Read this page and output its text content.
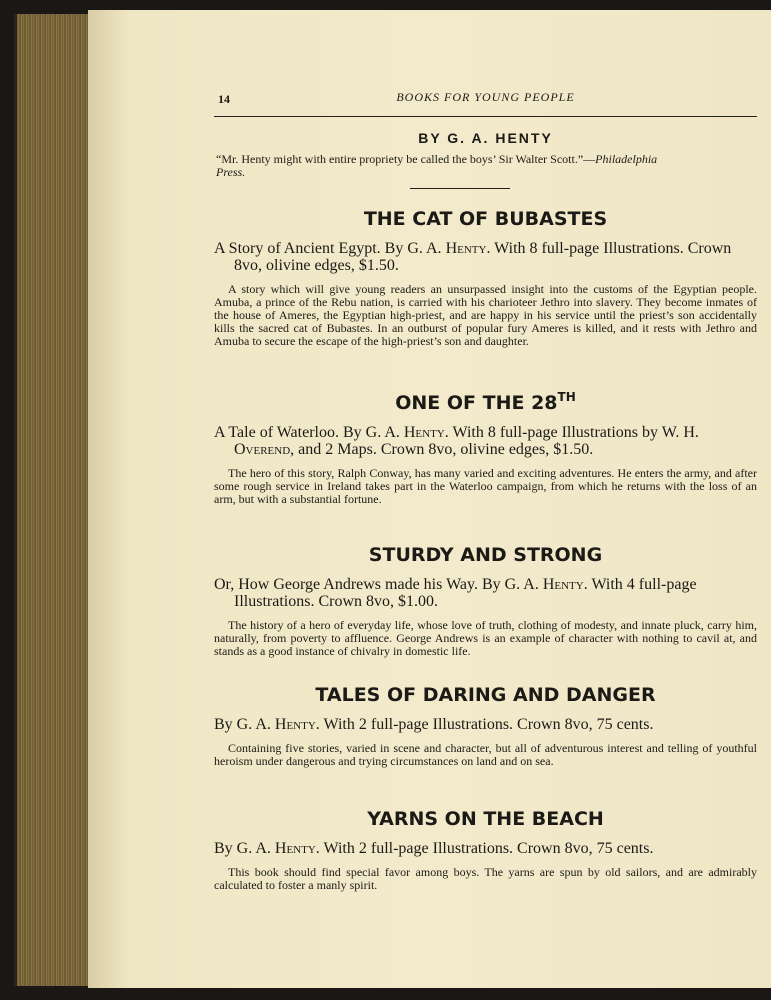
14	BOOKS FOR YOUNG PEOPLE
BY G. A. HENTY
“Mr. Henty might with entire propriety be called the boys’ Sir Walter Scott.”—Philadelphia Press.
THE CAT OF BUBASTES

A Story of Ancient Egypt. By G. A. Henty. With 8 full-page Illustrations. Crown 8vo, olivine edges, $1.50.

A story which will give young readers an unsurpassed insight into the customs of the Egyptian people. Amuba, a prince of the Rebu nation, is carried with his charioteer Jethro into slavery. They become inmates of the house of Ameres, the Egyptian high-priest, and are happy in his service until the priest’s son accidentally kills the sacred cat of Bubastes. In an outburst of popular fury Ameres is killed, and it rests with Jethro and Amuba to secure the escape of the high-priest’s son and daughter.

ONE OF THE 28TH

A Tale of Waterloo. By G. A. Henty. With 8 full-page Illustrations by W. H. Overend, and 2 Maps. Crown 8vo, olivine edges, $1.50.

The hero of this story, Ralph Conway, has many varied and exciting adventures. He enters the army, and after some rough service in Ireland takes part in the Waterloo campaign, from which he returns with the loss of an arm, but with a substantial fortune.

STURDY AND STRONG

Or, How George Andrews made his Way. By G. A. Henty. With 4 full-page Illustrations. Crown 8vo, $1.00.

The history of a hero of everyday life, whose love of truth, clothing of modesty, and innate pluck, carry him, naturally, from poverty to affluence. George Andrews is an example of character with nothing to cavil at, and stands as a good instance of chivalry in domestic life.

TALES OF DARING AND DANGER

By G. A. Henty. With 2 full-page Illustrations. Crown 8vo, 75 cents.

Containing five stories, varied in scene and character, but all of adventurous interest and telling of youthful heroism under dangerous and trying circumstances on land and on sea.

YARNS ON THE BEACH

By G. A. Henty. With 2 full-page Illustrations. Crown 8vo, 75 cents.

This book should find special favor among boys. The yarns are spun by old sailors, and are admirably calculated to foster a manly spirit.
